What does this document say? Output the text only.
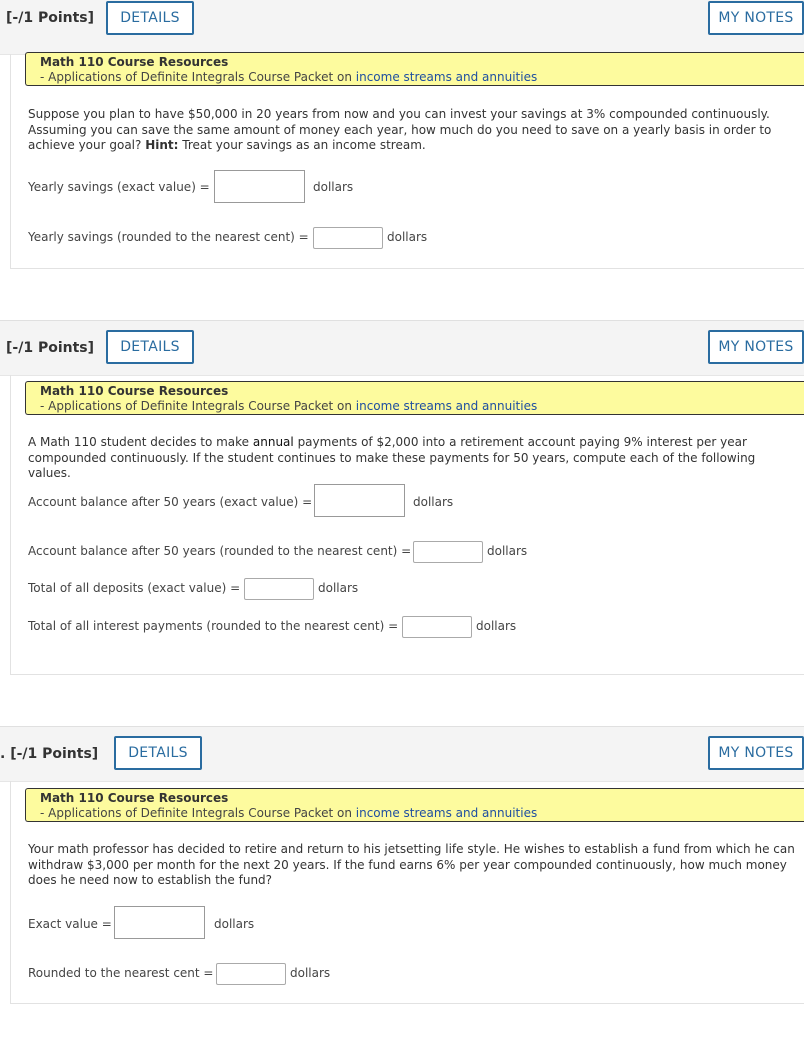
[-/1 Points]	DETAILS	MY NOTES
Math 110 Course Resources
- Applications of Definite Integrals Course Packet on income streams and annuities
Suppose you plan to have $50,000 in 20 years from now and you can invest your savings at 3% compounded continuously. Assuming you can save the same amount of money each year, how much do you need to save on a yearly basis in order to achieve your goal? Hint: Treat your savings as an income stream.
Yearly savings (exact value) =	dollars
Yearly savings (rounded to the nearest cent) =	dollars
[-/1 Points]	DETAILS	MY NOTES
Math 110 Course Resources
- Applications of Definite Integrals Course Packet on income streams and annuities
A Math 110 student decides to make annual payments of $2,000 into a retirement account paying 9% interest per year compounded continuously. If the student continues to make these payments for 50 years, compute each of the following values.
Account balance after 50 years (exact value) =	dollars
Account balance after 50 years (rounded to the nearest cent) =	dollars
Total of all deposits (exact value) =	dollars
Total of all interest payments (rounded to the nearest cent) =	dollars
. [-/1 Points]	DETAILS	MY NOTES
Math 110 Course Resources
- Applications of Definite Integrals Course Packet on income streams and annuities
Your math professor has decided to retire and return to his jetsetting life style. He wishes to establish a fund from which he can withdraw $3,000 per month for the next 20 years. If the fund earns 6% per year compounded continuously, how much money does he need now to establish the fund?
Exact value =	dollars
Rounded to the nearest cent =	dollars
